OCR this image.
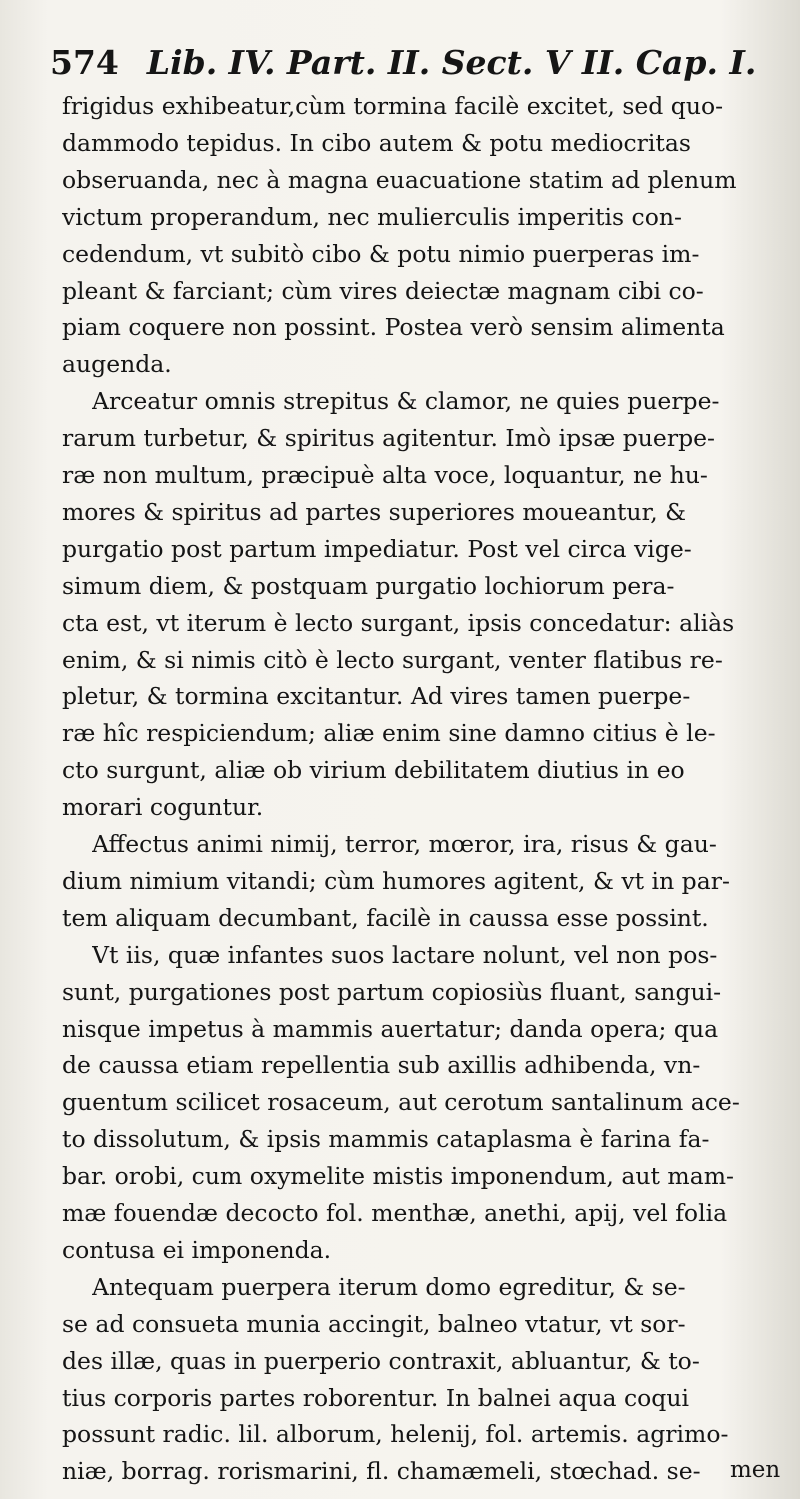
574 Lib. IV. Part. II. Sect. V II. Cap. I.
frigidus exhibeatur,cùm tormina facilè excitet, sed quo-
dammodo tepidus. In cibo autem & potu mediocritas
obseruanda, nec à magna euacuatione statim ad plenum
victum properandum, nec mulierculis imperitis con-
cedendum, vt subitò cibo & potu nimio puerperas im-
pleant & farciant; cùm vires deiectæ magnam cibi co-
piam coquere non possint. Postea verò sensim alimenta
augenda.
Arceatur omnis strepitus & clamor, ne quies puerpe-
rarum turbetur, & spiritus agitentur. Imò ipsæ puerpe-
ræ non multum, præcipuè alta voce, loquantur, ne hu-
mores & spiritus ad partes superiores moueantur, &
purgatio post partum impediatur. Post vel circa vige-
simum diem, & postquam purgatio lochiorum pera-
cta est, vt iterum è lecto surgant, ipsis concedatur: aliàs
enim, & si nimis citò è lecto surgant, venter flatibus re-
pletur, & tormina excitantur. Ad vires tamen puerpe-
ræ hîc respiciendum; aliæ enim sine damno citius è le-
cto surgunt, aliæ ob virium debilitatem diutius in eo
morari coguntur.
Affectus animi nimij, terror, mœror, ira, risus & gau-
dium nimium vitandi; cùm humores agitent, & vt in par-
tem aliquam decumbant, facilè in caussa esse possint.
Vt iis, quæ infantes suos lactare nolunt, vel non pos-
sunt, purgationes post partum copiosiùs fluant, sangui-
nisque impetus à mammis auertatur; danda opera; qua
de caussa etiam repellentia sub axillis adhibenda, vn-
guentum scilicet rosaceum, aut cerotum santalinum ace-
to dissolutum, & ipsis mammis cataplasma è farina fa-
bar. orobi, cum oxymelite mistis imponendum, aut mam-
mæ fouendæ decocto fol. menthæ, anethi, apij, vel folia
contusa ei imponenda.
Antequam puerpera iterum domo egreditur, & se-
se ad consueta munia accingit, balneo vtatur, vt sor-
des illæ, quas in puerperio contraxit, abluantur, & to-
tius corporis partes roborentur. In balnei aqua coqui
possunt radic. lil. alborum, helenij, fol. artemis. agrimo-
niæ, borrag. rorismarini, fl. chamæmeli, stœchad. se-	men
